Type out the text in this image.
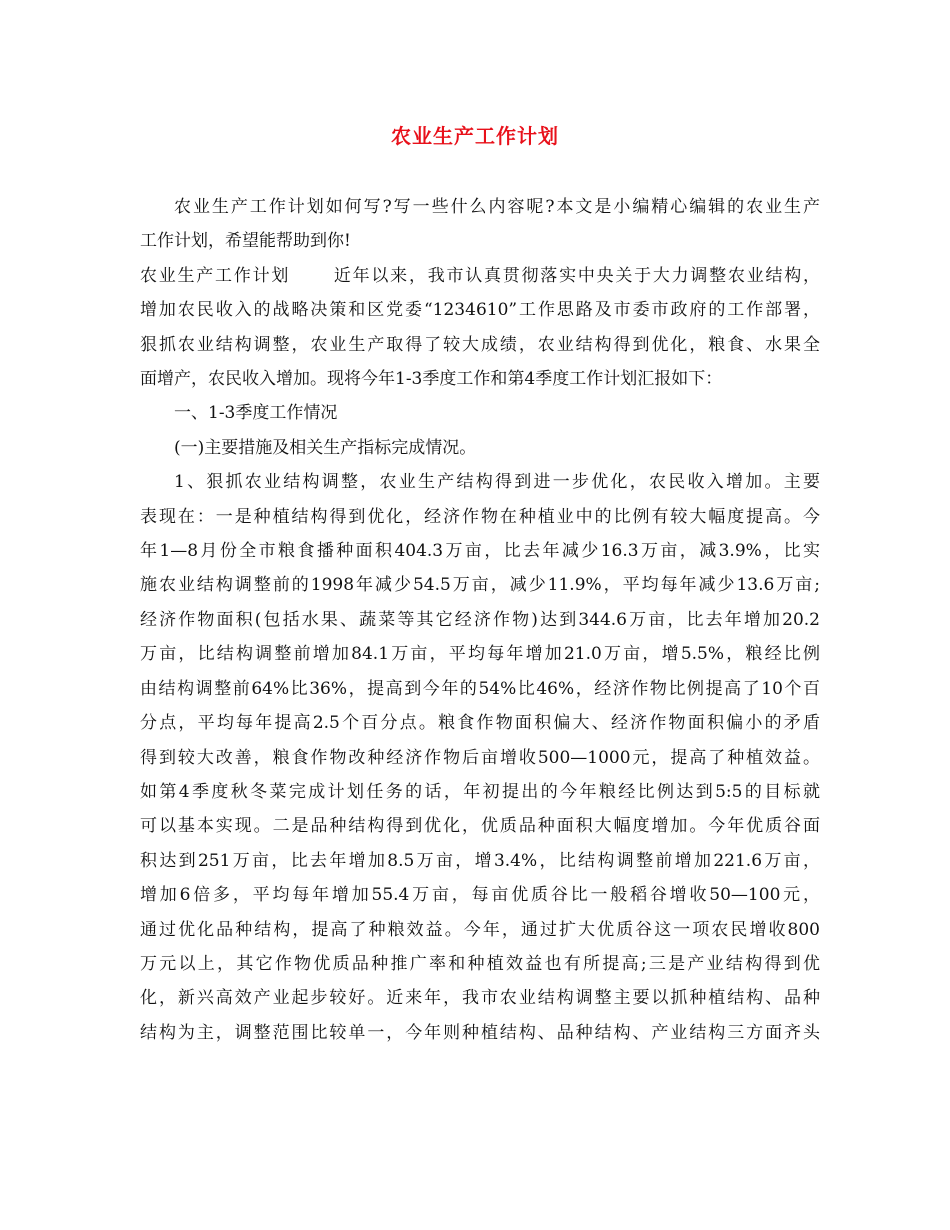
农业生产工作计划
农业生产工作计划如何写?写一些什么内容呢?本文是小编精心编辑的农业生产
工作计划，希望能帮助到你!
农业生产工作计划 近年以来，我市认真贯彻落实中央关于大力调整农业结构，
增加农民收入的战略决策和区党委“1234610”工作思路及市委市政府的工作部署，
狠抓农业结构调整，农业生产取得了较大成绩，农业结构得到优化，粮食、水果全
面增产，农民收入增加。现将今年1-3季度工作和第4季度工作计划汇报如下：
一、1-3季度工作情况
(一)主要措施及相关生产指标完成情况。
1、狠抓农业结构调整，农业生产结构得到进一步优化，农民收入增加。主要
表现在：一是种植结构得到优化，经济作物在种植业中的比例有较大幅度提高。今
年1—8月份全市粮食播种面积404.3万亩，比去年减少16.3万亩，减3.9%，比实
施农业结构调整前的1998年减少54.5万亩，减少11.9%，平均每年减少13.6万亩;
经济作物面积(包括水果、蔬菜等其它经济作物)达到344.6万亩，比去年增加20.2
万亩，比结构调整前增加84.1万亩，平均每年增加21.0万亩，增5.5%，粮经比例
由结构调整前64%比36%，提高到今年的54%比46%，经济作物比例提高了10个百
分点，平均每年提高2.5个百分点。粮食作物面积偏大、经济作物面积偏小的矛盾
得到较大改善，粮食作物改种经济作物后亩增收500—1000元，提高了种植效益。
如第4季度秋冬菜完成计划任务的话，年初提出的今年粮经比例达到5:5的目标就
可以基本实现。二是品种结构得到优化，优质品种面积大幅度增加。今年优质谷面
积达到251万亩，比去年增加8.5万亩，增3.4%，比结构调整前增加221.6万亩，
增加6倍多，平均每年增加55.4万亩，每亩优质谷比一般稻谷增收50—100元，
通过优化品种结构，提高了种粮效益。今年，通过扩大优质谷这一项农民增收800
万元以上，其它作物优质品种推广率和种植效益也有所提高;三是产业结构得到优
化，新兴高效产业起步较好。近来年，我市农业结构调整主要以抓种植结构、品种
结构为主，调整范围比较单一，今年则种植结构、品种结构、产业结构三方面齐头
